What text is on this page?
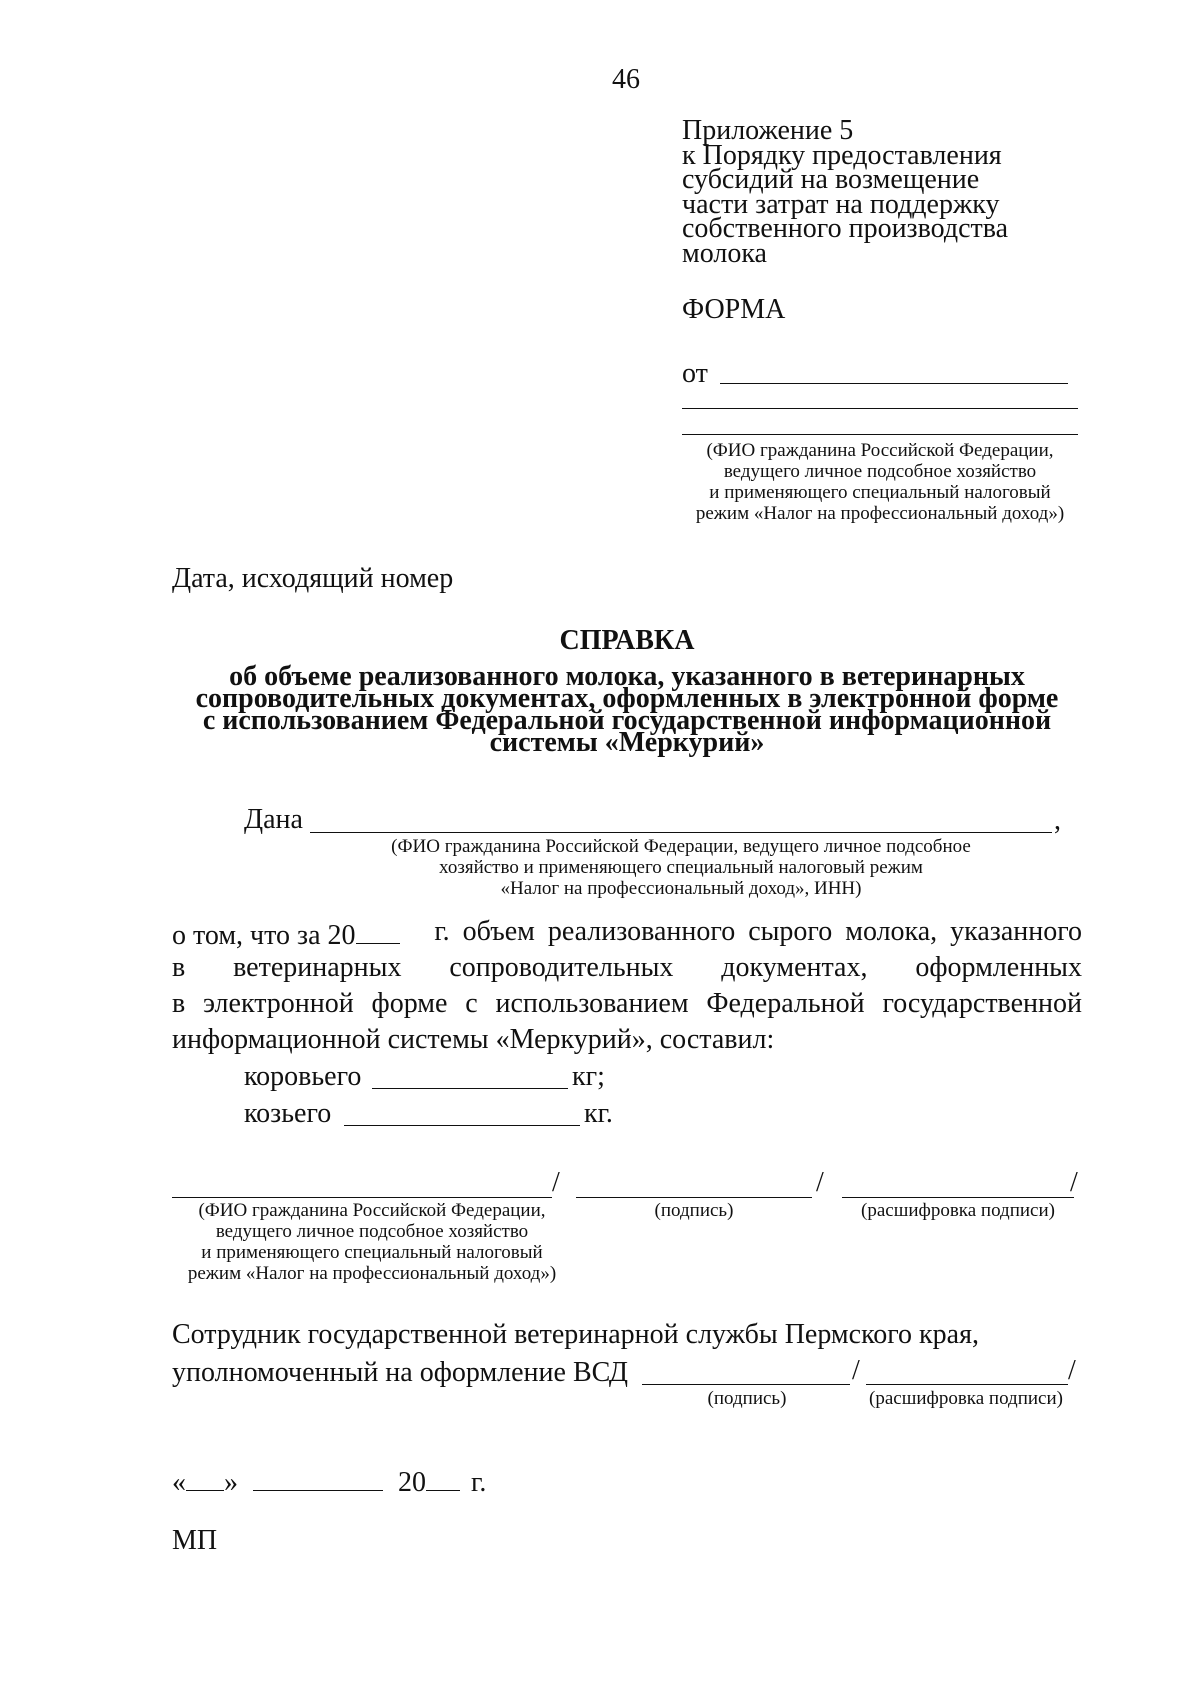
46
Приложение 5
к Порядку предоставления
субсидий на возмещение
части затрат на поддержку
собственного производства
молока
ФОРМА
от
(ФИО гражданина Российской Федерации,
ведущего личное подсобное хозяйство
и применяющего специальный налоговый
режим «Налог на профессиональный доход»)
Дата, исходящий номер
СПРАВКА
об объеме реализованного молока, указанного в ветеринарных
сопроводительных документах, оформленных в электронной форме
с использованием Федеральной государственной информационной
системы «Меркурий»
Дана	,
(ФИО гражданина Российской Федерации, ведущего личное подсобное
хозяйство и применяющего специальный налоговый режим
«Налог на профессиональный доход», ИНН)
о том, что за 20	г. объем реализованного сырого молока, указанного
в ветеринарных сопроводительных документах, оформленных
в электронной форме с использованием Федеральной государственной
информационной системы «Меркурий», составил:
коровьего	кг;
козьего	кг.
/	/	/
(ФИО гражданина Российской Федерации,
ведущего личное подсобное хозяйство
и применяющего специальный налоговый
режим «Налог на профессиональный доход»)
(подпись)	(расшифровка подписи)
Сотрудник государственной ветеринарной службы Пермского края,
уполномоченный на оформление ВСД	/	/
(подпись)	(расшифровка подписи)
« »	20 г.
МП
